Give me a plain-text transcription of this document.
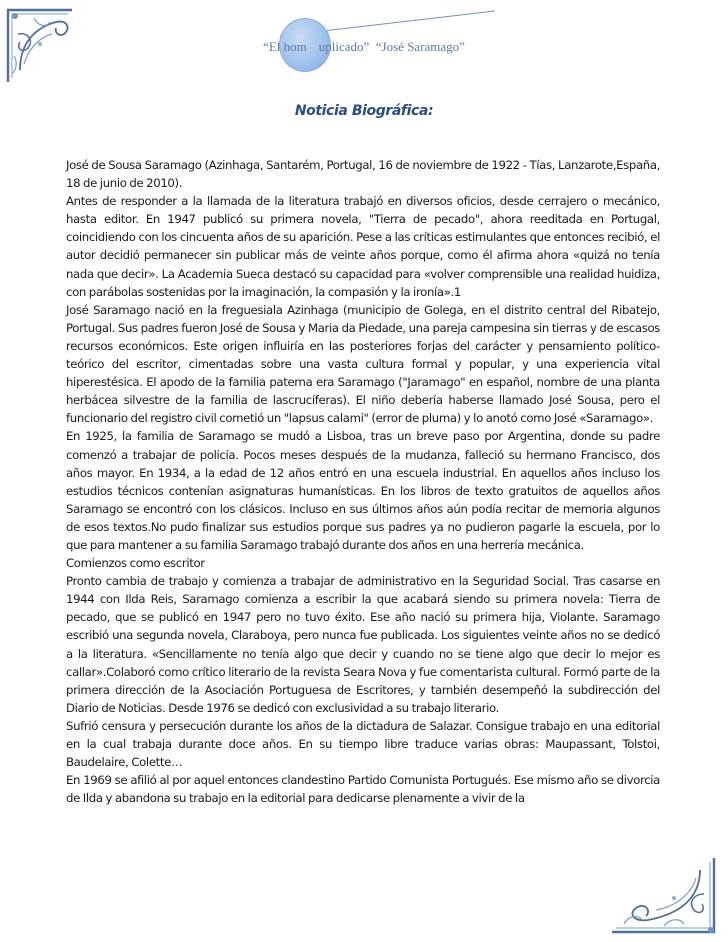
“El hom uplicado” “José Saramago”
Noticia Biográfica:

José de Sousa Saramago (Azinhaga, Santarém, Portugal, 16 de noviembre de 1922 - Tías, Lanzarote,España, 18 de junio de 2010).

Antes de responder a la llamada de la literatura trabajó en diversos oficios, desde cerrajero o mecánico, hasta editor. En 1947 publicó su primera novela, "Tierra de pecado", ahora reeditada en Portugal, coincidiendo con los cincuenta años de su aparición. Pese a las críticas estimulantes que entonces recibió, el autor decidió permanecer sin publicar más de veinte años porque, como él afirma ahora «quizá no tenía nada que decir». La Academia Sueca destacó su capacidad para «volver comprensible una realidad huidiza, con parábolas sostenidas por la imaginación, la compasión y la ironía».1

José Saramago nació en la freguesiala Azinhaga (municipio de Golega, en el distrito central del Ribatejo, Portugal. Sus padres fueron José de Sousa y Maria da Piedade, una pareja campesina sin tierras y de escasos recursos económicos. Este origen influiría en las posteriores forjas del carácter y pensamiento político-teórico del escritor, cimentadas sobre una vasta cultura formal y popular, y una experiencia vital hiperestésica. El apodo de la familia paterna era Saramago ("Jaramago" en español, nombre de una planta herbácea silvestre de la familia de lascrucíferas). El niño debería haberse llamado José Sousa, pero el funcionario del registro civil cometió un "lapsus calami" (error de pluma) y lo anotó como José «Saramago».

En 1925, la familia de Saramago se mudó a Lisboa, tras un breve paso por Argentina, donde su padre comenzó a trabajar de policía. Pocos meses después de la mudanza, falleció su hermano Francisco, dos años mayor. En 1934, a la edad de 12 años entró en una escuela industrial. En aquellos años incluso los estudios técnicos contenían asignaturas humanísticas. En los libros de texto gratuitos de aquellos años Saramago se encontró con los clásicos. Incluso en sus últimos años aún podía recitar de memoria algunos de esos textos.No pudo finalizar sus estudios porque sus padres ya no pudieron pagarle la escuela, por lo que para mantener a su familia Saramago trabajó durante dos años en una herrería mecánica.

Comienzos como escritor

Pronto cambia de trabajo y comienza a trabajar de administrativo en la Seguridad Social. Tras casarse en 1944 con Ilda Reis, Saramago comienza a escribir la que acabará siendo su primera novela: Tierra de pecado, que se publicó en 1947 pero no tuvo éxito. Ese año nació su primera hija, Violante. Saramago escribió una segunda novela, Claraboya, pero nunca fue publicada. Los siguientes veinte años no se dedicó a la literatura. «Sencillamente no tenía algo que decir y cuando no se tiene algo que decir lo mejor es callar».Colaboró como crítico literario de la revista Seara Nova y fue comentarista cultural. Formó parte de la primera dirección de la Asociación Portuguesa de Escritores, y también desempeñó la subdirección del Diario de Noticias. Desde 1976 se dedicó con exclusividad a su trabajo literario.

Sufrió censura y persecución durante los años de la dictadura de Salazar. Consigue trabajo en una editorial en la cual trabaja durante doce años. En su tiempo libre traduce varias obras: Maupassant, Tolstoi, Baudelaire, Colette…

En 1969 se afilió al por aquel entonces clandestino Partido Comunista Portugués. Ese mismo año se divorcia de Ilda y abandona su trabajo en la editorial para dedicarse plenamente a vivir de la
